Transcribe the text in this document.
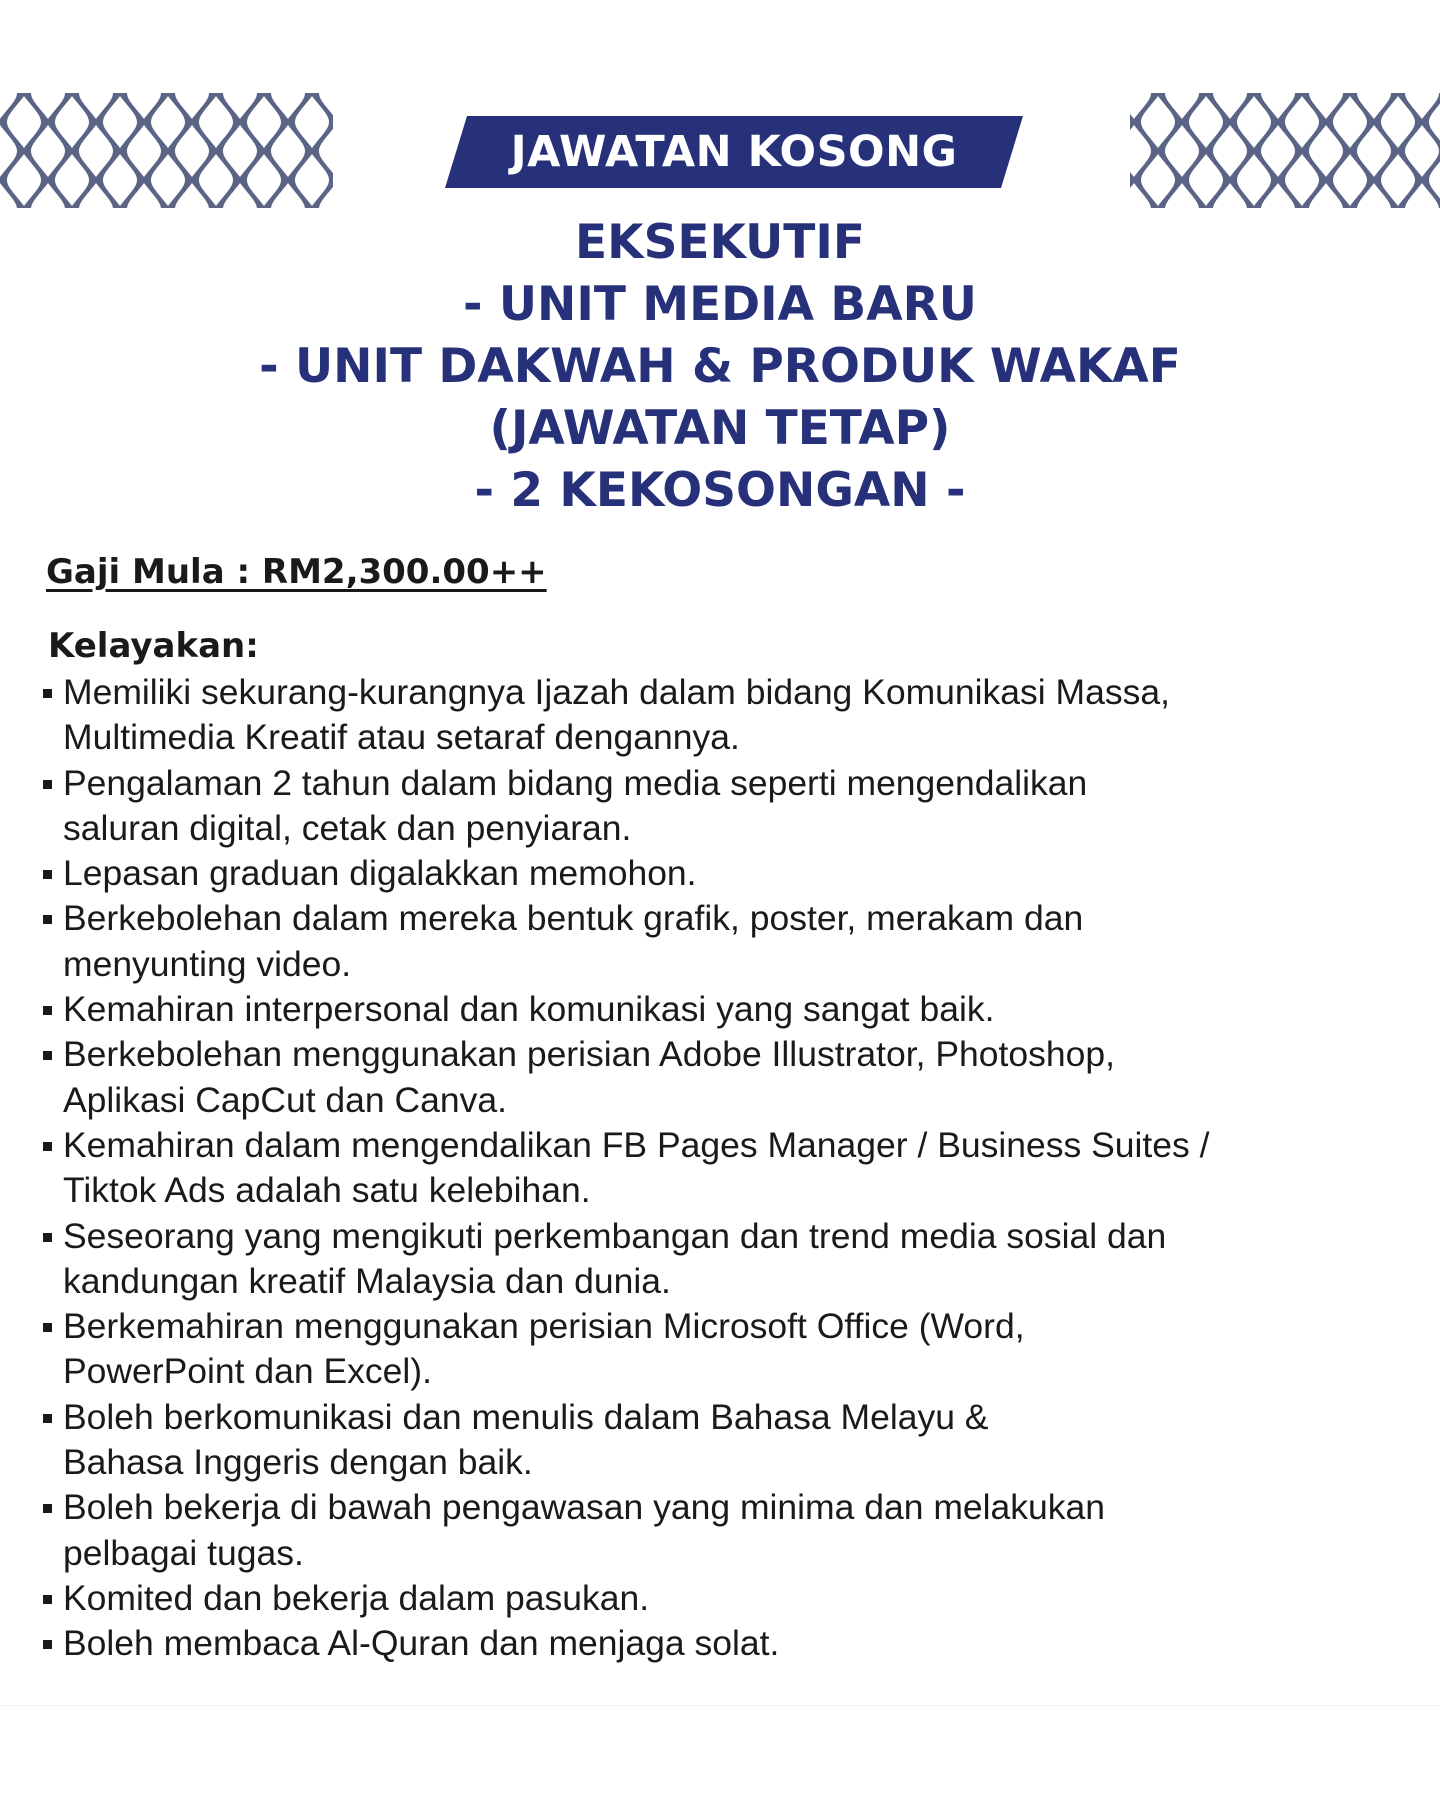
JAWATAN KOSONG
EKSEKUTIF
- UNIT MEDIA BARU
- UNIT DAKWAH & PRODUK WAKAF
(JAWATAN TETAP)
- 2 KEKOSONGAN -
Gaji Mula : RM2,300.00++
Kelayakan:
Memiliki sekurang-kurangnya Ijazah dalam bidang Komunikasi Massa,
Multimedia Kreatif atau setaraf dengannya.
Pengalaman 2 tahun dalam bidang media seperti mengendalikan
saluran digital, cetak dan penyiaran.
Lepasan graduan digalakkan memohon.
Berkebolehan dalam mereka bentuk grafik, poster, merakam dan
menyunting video.
Kemahiran interpersonal dan komunikasi yang sangat baik.
Berkebolehan menggunakan perisian Adobe Illustrator, Photoshop,
Aplikasi CapCut dan Canva.
Kemahiran dalam mengendalikan FB Pages Manager / Business Suites /
Tiktok Ads adalah satu kelebihan.
Seseorang yang mengikuti perkembangan dan trend media sosial dan
kandungan kreatif Malaysia dan dunia.
Berkemahiran menggunakan perisian Microsoft Office (Word,
PowerPoint dan Excel).
Boleh berkomunikasi dan menulis dalam Bahasa Melayu &
Bahasa Inggeris dengan baik.
Boleh bekerja di bawah pengawasan yang minima dan melakukan
pelbagai tugas.
Komited dan bekerja dalam pasukan.
Boleh membaca Al-Quran dan menjaga solat.
